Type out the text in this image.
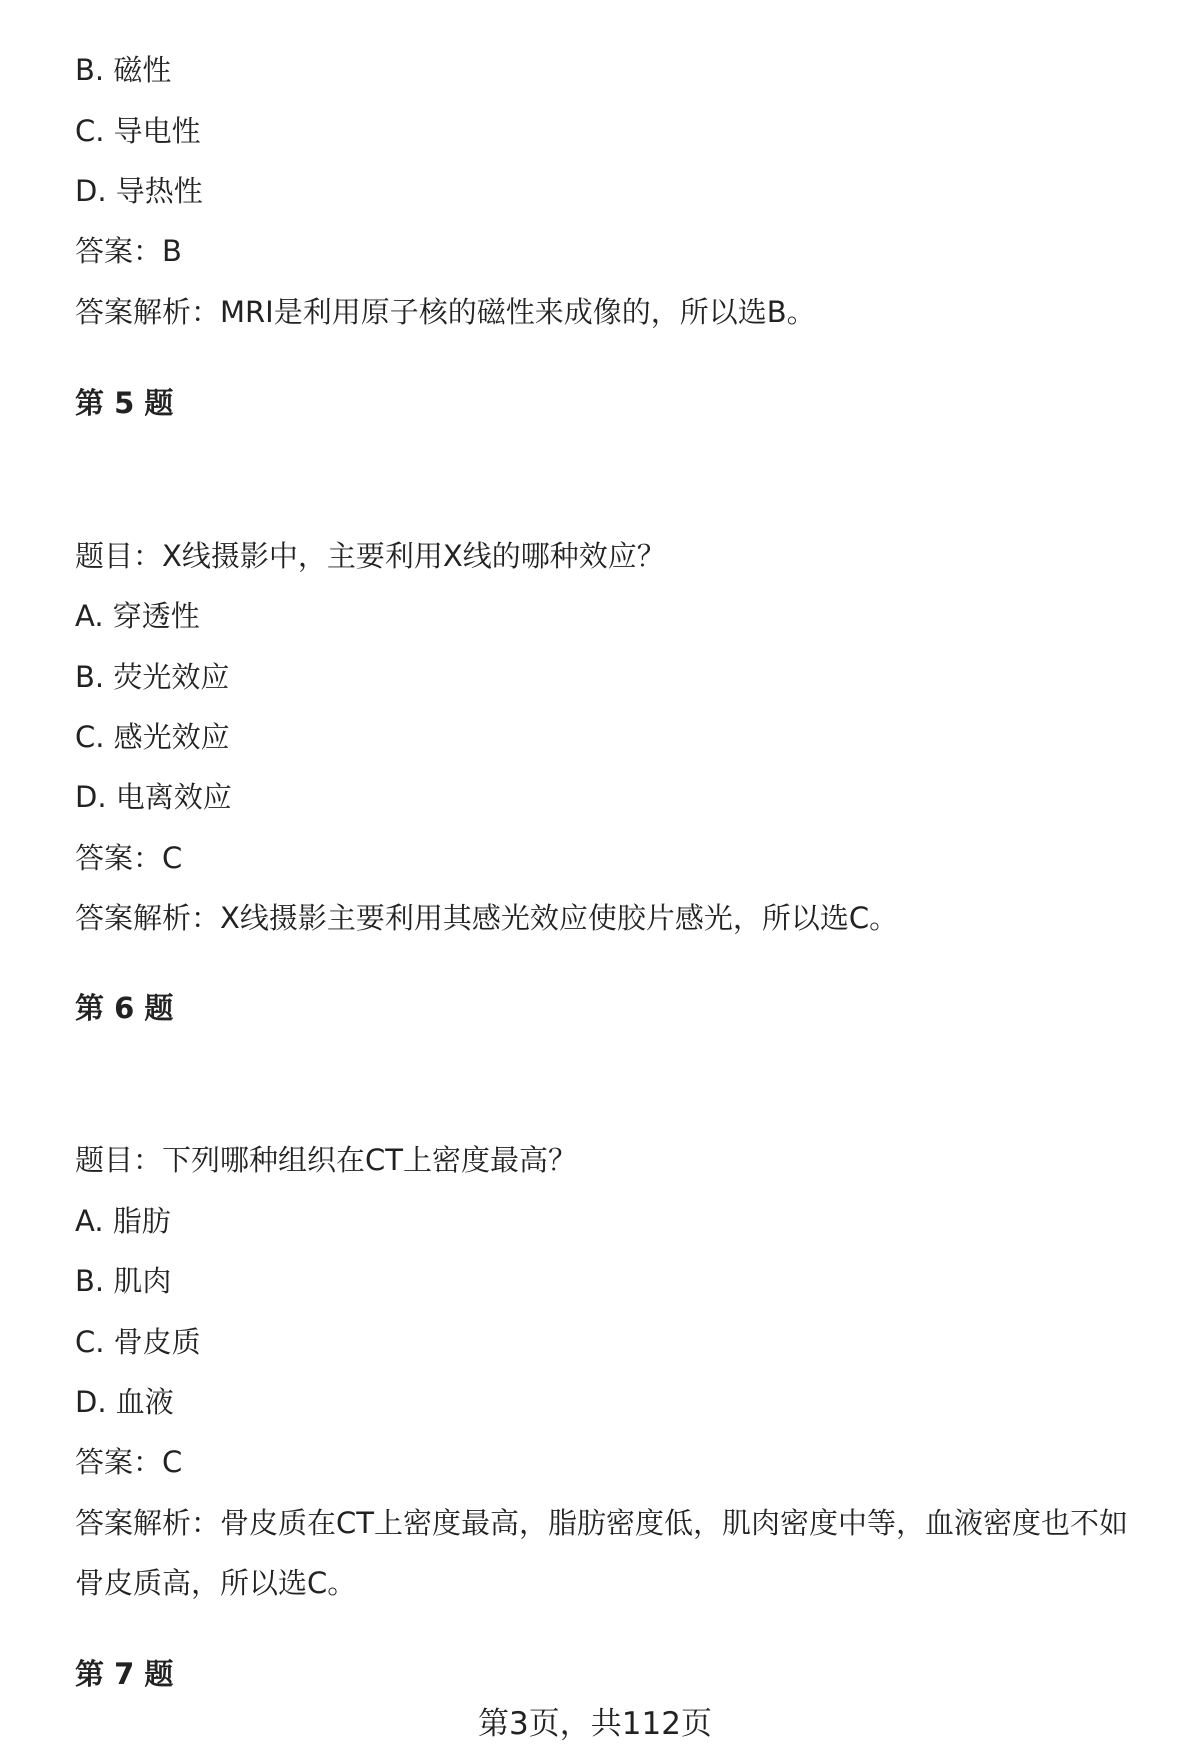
B. 磁性
C. 导电性
D. 导热性
答案：B
答案解析：MRI是利用原子核的磁性来成像的，所以选B。
第 5 题
题目：X线摄影中，主要利用X线的哪种效应？
A. 穿透性
B. 荧光效应
C. 感光效应
D. 电离效应
答案：C
答案解析：X线摄影主要利用其感光效应使胶片感光，所以选C。
第 6 题
题目：下列哪种组织在CT上密度最高？
A. 脂肪
B. 肌肉
C. 骨皮质
D. 血液
答案：C
答案解析：骨皮质在CT上密度最高，脂肪密度低，肌肉密度中等，血液密度也不如
骨皮质高，所以选C。
第 7 题
第3页，共112页
